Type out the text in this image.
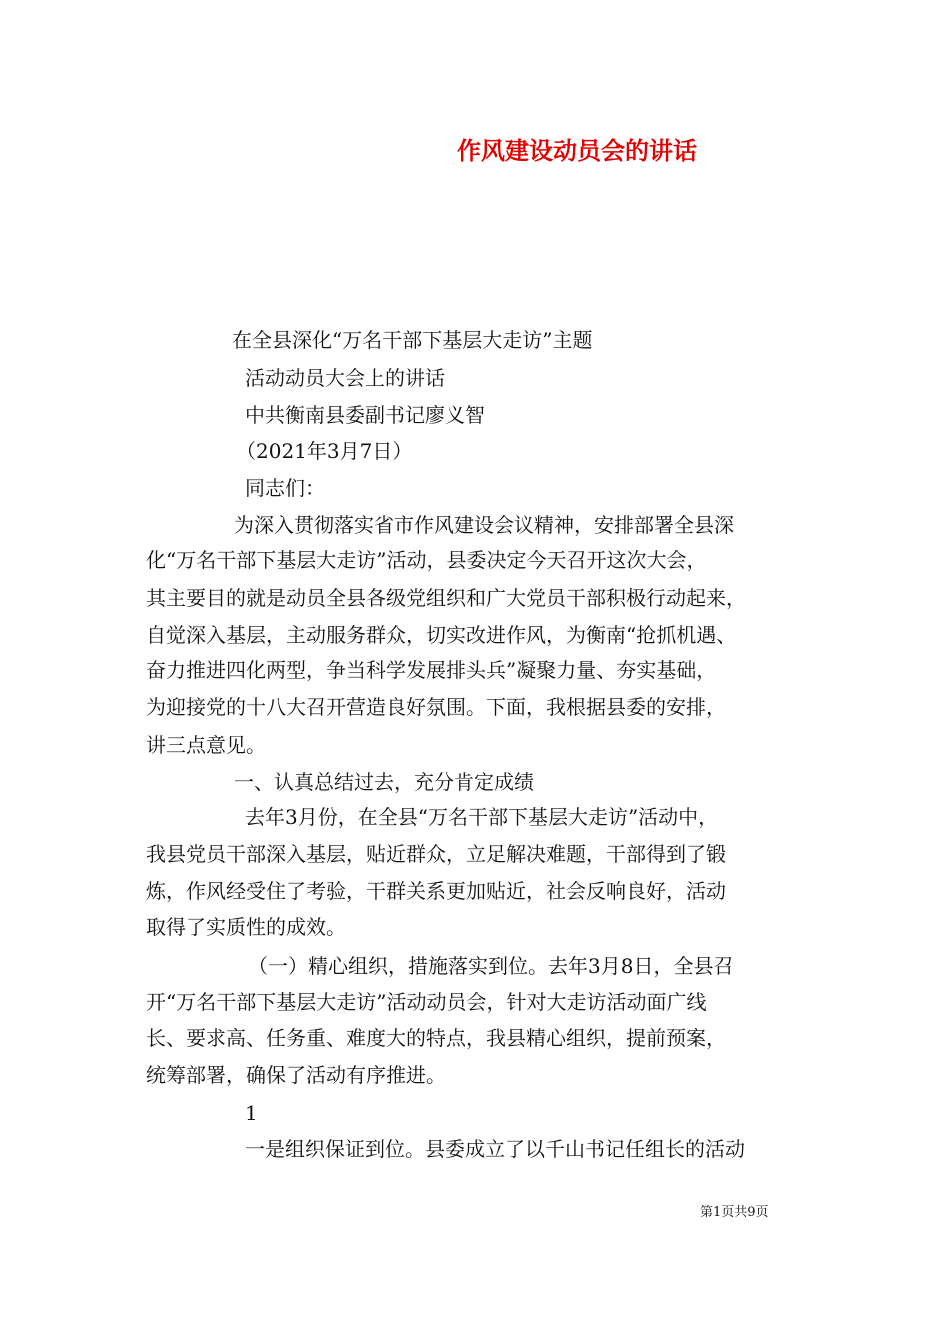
作风建设动员会的讲话
在全县深化“万名干部下基层大走访”主题
活动动员大会上的讲话
中共衡南县委副书记廖义智
（2021年3月7日）
同志们：
为深入贯彻落实省市作风建设会议精神，安排部署全县深
化“万名干部下基层大走访”活动，县委决定今天召开这次大会，
其主要目的就是动员全县各级党组织和广大党员干部积极行动起来，
自觉深入基层，主动服务群众，切实改进作风，为衡南“抢抓机遇、
奋力推进四化两型，争当科学发展排头兵”凝聚力量、夯实基础，
为迎接党的十八大召开营造良好氛围。下面，我根据县委的安排，
讲三点意见。
一、认真总结过去，充分肯定成绩
去年3月份，在全县“万名干部下基层大走访”活动中，
我县党员干部深入基层，贴近群众，立足解决难题，干部得到了锻
炼，作风经受住了考验，干群关系更加贴近，社会反响良好，活动
取得了实质性的成效。
（一）精心组织，措施落实到位。去年3月8日，全县召
开“万名干部下基层大走访”活动动员会，针对大走访活动面广线
长、要求高、任务重、难度大的特点，我县精心组织，提前预案，
统筹部署，确保了活动有序推进。
1
一是组织保证到位。县委成立了以千山书记任组长的活动
第1页共9页
